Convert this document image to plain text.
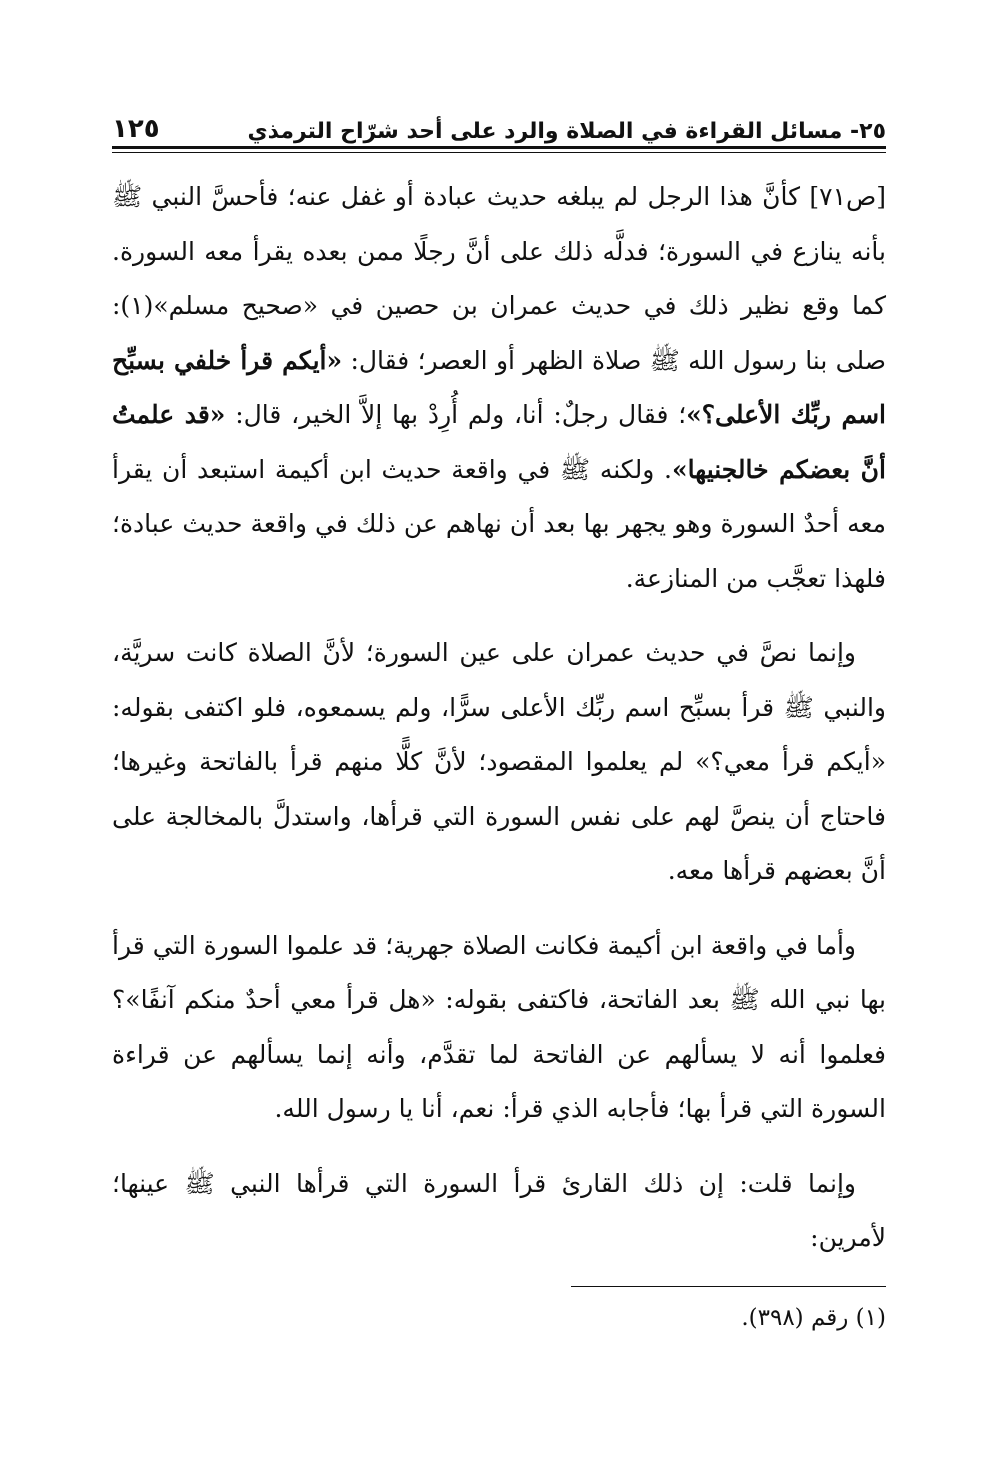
٢٥- مسائل القراءة في الصلاة والرد على أحد شرّاح الترمذي
١٢٥

[ص٧١] كأنَّ هذا الرجل لم يبلغه حديث عبادة أو غفل عنه؛ فأحسَّ النبي ﷺ بأنه ينازع في السورة؛ فدلَّه ذلك على أنَّ رجلًا ممن بعده يقرأ معه السورة. كما وقع نظير ذلك في حديث عمران بن حصين في «صحيح مسلم»(١): صلى بنا رسول الله ﷺ صلاة الظهر أو العصر؛ فقال: «أيكم قرأ خلفي بسبِّح اسم ربِّك الأعلى؟»؛ فقال رجلٌ: أنا، ولم أُرِدْ بها إلاَّ الخير، قال: «قد علمتُ أنَّ بعضكم خالجنيها». ولكنه ﷺ في واقعة حديث ابن أكيمة استبعد أن يقرأ معه أحدٌ السورة وهو يجهر بها بعد أن نهاهم عن ذلك في واقعة حديث عبادة؛ فلهذا تعجَّب من المنازعة.

وإنما نصَّ في حديث عمران على عين السورة؛ لأنَّ الصلاة كانت سريَّة، والنبي ﷺ قرأ بسبِّح اسم ربِّك الأعلى سرًّا، ولم يسمعوه، فلو اكتفى بقوله: «أيكم قرأ معي؟» لم يعلموا المقصود؛ لأنَّ كلًّا منهم قرأ بالفاتحة وغيرها؛ فاحتاج أن ينصَّ لهم على نفس السورة التي قرأها، واستدلَّ بالمخالجة على أنَّ بعضهم قرأها معه.

وأما في واقعة ابن أكيمة فكانت الصلاة جهرية؛ قد علموا السورة التي قرأ بها نبي الله ﷺ بعد الفاتحة، فاكتفى بقوله: «هل قرأ معي أحدٌ منكم آنفًا»؟ فعلموا أنه لا يسألهم عن الفاتحة لما تقدَّم، وأنه إنما يسألهم عن قراءة السورة التي قرأ بها؛ فأجابه الذي قرأ: نعم، أنا يا رسول الله.

وإنما قلت: إن ذلك القارئ قرأ السورة التي قرأها النبي ﷺ عينها؛ لأمرين:

(١) رقم (٣٩٨).
